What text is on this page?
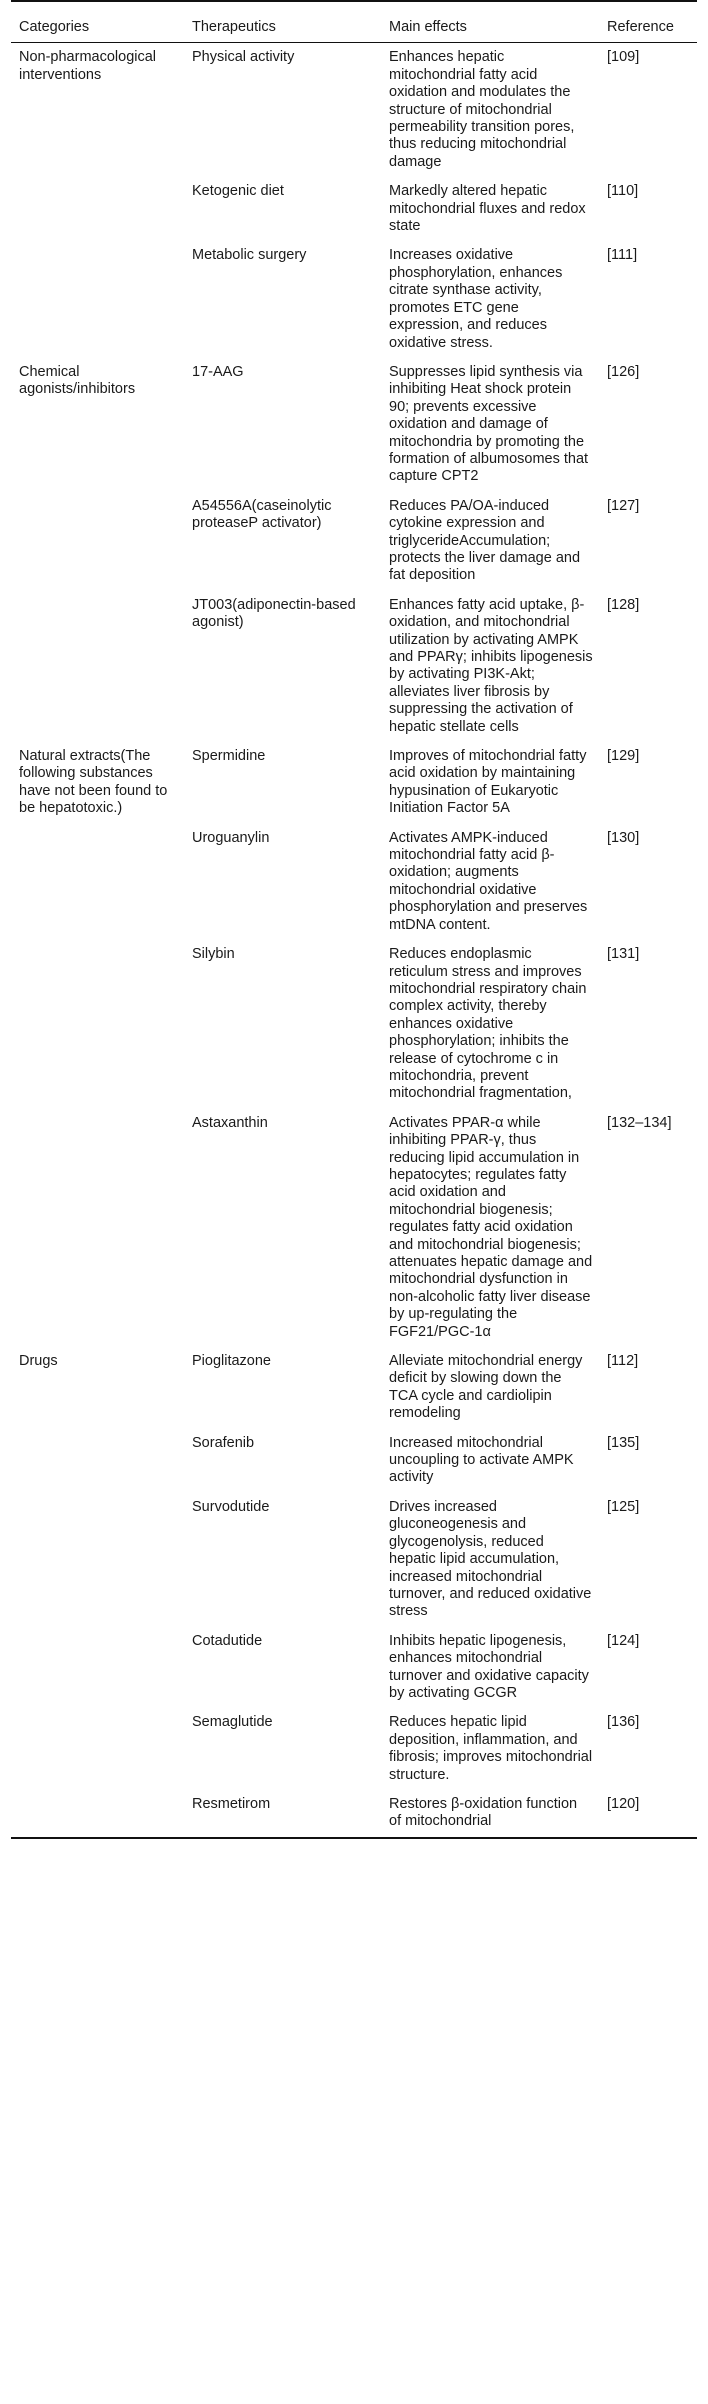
Categories	Therapeutics	Main effects	Reference
Non-pharmacological interventions	Physical activity	Enhances hepatic mitochondrial fatty acid oxidation and modulates the structure of mitochondrial permeability transition pores, thus reducing mitochondrial damage	[109]
	Ketogenic diet	Markedly altered hepatic mitochondrial fluxes and redox state	[110]
	Metabolic surgery	Increases oxidative phosphorylation, enhances citrate synthase activity, promotes ETC gene expression, and reduces oxidative stress.	[111]
Chemical agonists/inhibitors	17-AAG	Suppresses lipid synthesis via inhibiting Heat shock protein 90; prevents excessive oxidation and damage of mitochondria by promoting the formation of albumosomes that capture CPT2	[126]
	A54556A(caseinolytic proteaseP activator)	Reduces PA/OA-induced cytokine expression and triglycerideAccumulation; protects the liver damage and fat deposition	[127]
	JT003(adiponectin-based agonist)	Enhances fatty acid uptake, β-oxidation, and mitochondrial utilization by activating AMPK and PPARγ; inhibits lipogenesis by activating PI3K-Akt; alleviates liver fibrosis by suppressing the activation of hepatic stellate cells	[128]
Natural extracts(The following substances have not been found to be hepatotoxic.)	Spermidine	Improves of mitochondrial fatty acid oxidation by maintaining hypusination of Eukaryotic Initiation Factor 5A	[129]
	Uroguanylin	Activates AMPK-induced mitochondrial fatty acid β-oxidation; augments mitochondrial oxidative phosphorylation and preserves mtDNA content.	[130]
	Silybin	Reduces endoplasmic reticulum stress and improves mitochondrial respiratory chain complex activity, thereby enhances oxidative phosphorylation; inhibits the release of cytochrome c in mitochondria, prevent mitochondrial fragmentation,	[131]
	Astaxanthin	Activates PPAR-α while inhibiting PPAR-γ, thus reducing lipid accumulation in hepatocytes; regulates fatty acid oxidation and mitochondrial biogenesis; regulates fatty acid oxidation and mitochondrial biogenesis; attenuates hepatic damage and mitochondrial dysfunction in non-alcoholic fatty liver disease by up-regulating the FGF21/PGC-1α	[132–134]
Drugs	Pioglitazone	Alleviate mitochondrial energy deficit by slowing down the TCA cycle and cardiolipin remodeling	[112]
	Sorafenib	Increased mitochondrial uncoupling to activate AMPK activity	[135]
	Survodutide	Drives increased gluconeogenesis and glycogenolysis, reduced hepatic lipid accumulation, increased mitochondrial turnover, and reduced oxidative stress	[125]
	Cotadutide	Inhibits hepatic lipogenesis, enhances mitochondrial turnover and oxidative capacity by activating GCGR	[124]
	Semaglutide	Reduces hepatic lipid deposition, inflammation, and fibrosis; improves mitochondrial structure.	[136]
	Resmetirom	Restores β-oxidation function of mitochondrial	[120]
